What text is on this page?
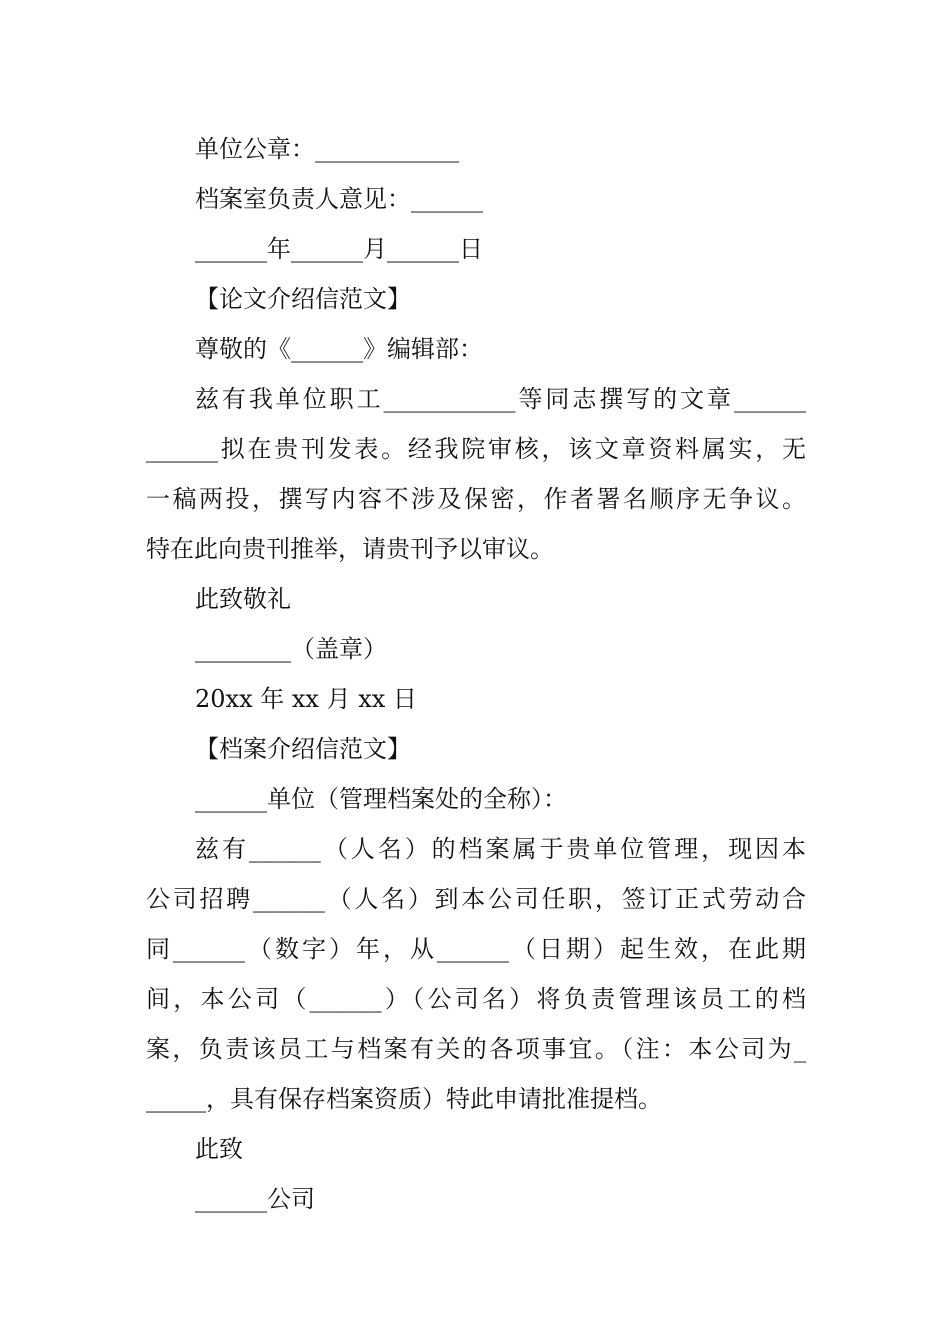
单位公章：____________
档案室负责人意见：______
______年______月______日
【论文介绍信范文】
尊敬的《______》编辑部：
兹有我单位职工___________等同志撰写的文章______
______拟在贵刊发表。经我院审核，该文章资料属实，无
一稿两投，撰写内容不涉及保密，作者署名顺序无争议。
特在此向贵刊推举，请贵刊予以审议。
此致敬礼
________（盖章）
20xx 年 xx 月 xx 日
【档案介绍信范文】
______单位（管理档案处的全称）：
兹有______（人名）的档案属于贵单位管理，现因本
公司招聘______（人名）到本公司任职，签订正式劳动合
同______（数字）年，从______（日期）起生效，在此期
间，本公司（______）（公司名）将负责管理该员工的档
案，负责该员工与档案有关的各项事宜。（注：本公司为_
_____，具有保存档案资质）特此申请批准提档。
此致
______公司
